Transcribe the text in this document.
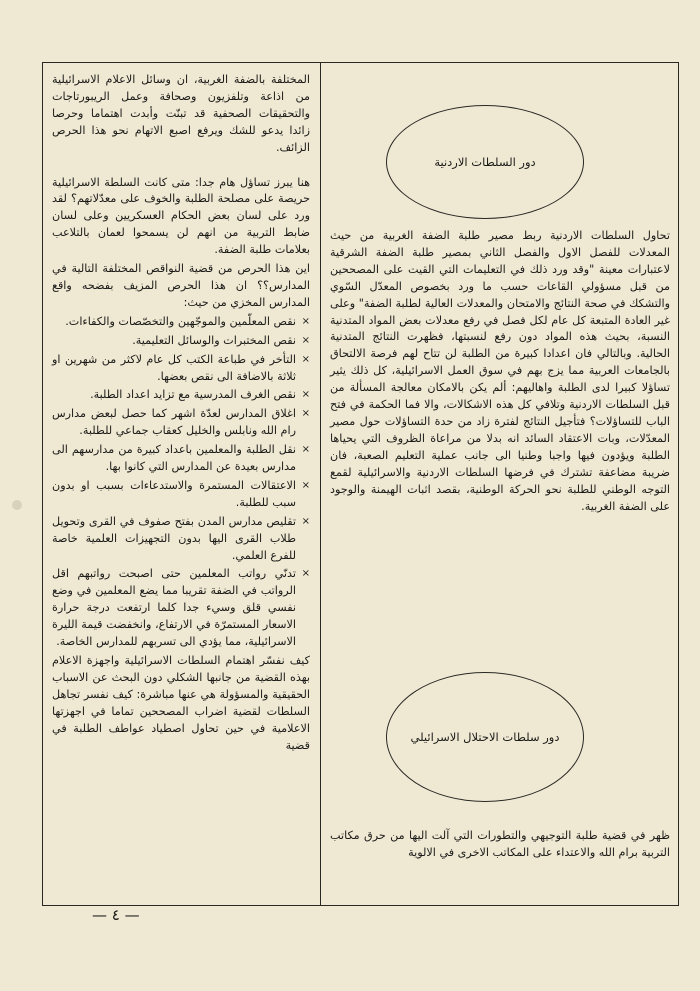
دور السلطات الاردنية
دور سلطات الاحتلال الاسرائيلي

تحاول السلطات الاردنية ربط مصير طلبة الضفة الغربية من حيث المعدلات للفصل الاول والفصل الثاني بمصير طلبة الضفة الشرقية لاعتبارات معينة "وقد ورد ذلك في التعليمات التي القيت على المصححين من قبل مسؤولي القاعات حسب ما ورد بخصوص المعدّل السّوي والتشكك في صحة النتائج والامتحان والمعدلات العالية لطلبة الضفة" وعلى غير العادة المتبعة كل عام لكل فصل في رفع معدلات بعض المواد المتدنية النسبة، بحيث هذه المواد دون رفع لنسبتها، فظهرت النتائج المتدنية الحالية. وبالتالي فان اعدادا كبيرة من الطلبة لن تتاح لهم فرصة الالتحاق بالجامعات العربية مما يزج بهم في سوق العمل الاسرائيلية، كل ذلك يثير تساؤلا كبيرا لدى الطلبة واهاليهم: ألم يكن بالامكان معالجة المسألة من قبل السلطات الاردنية وتلافي كل هذه الاشكالات، والا فما الحكمة في فتح الباب للتساؤلات؟ فتأجيل النتائج لفترة زاد من حدة التساؤلات حول مصير المعدّلات، وبات الاعتقاد السائد انه بدلا من مراعاة الظروف التي يحياها الطلبة ويؤدون فيها واجبا وطنيا الى جانب عملية التعليم الصعبة، فان ضريبة مضاعفة تشترك في فرضها السلطات الاردنية والاسرائيلية لقمع التوجه الوطني للطلبة نحو الحركة الوطنية، بقصد اثبات الهيمنة والوجود على الضفة الغربية.

ظهر في قضية طلبة التوجيهي والتطورات التي آلت اليها من حرق مكاتب التربية برام الله والاعتداء على المكاتب الاخرى في الالوية

المختلفة بالضفة الغربية، ان وسائل الاعلام الاسرائيلية من اذاعة وتلفزيون وصحافة وعمل الريبورتاجات والتحقيقات الصحفية قد تبنّت وأبدت اهتماما وحرصا زائدا يدعو للشك ويرفع اصبع الاتهام نحو هذا الحرص الزائف.

هنا يبرز تساؤل هام جدا: متى كانت السلطة الاسرائيلية حريصة على مصلحة الطلبة والخوف على معدّلاتهم؟ لقد ورد على لسان بعض الحكام العسكريين وعلى لسان ضابط التربية من انهم لن يسمحوا لعمان بالتلاعب بعلامات طلبة الضفة.

اين هذا الحرص من قضية النواقص المختلفة التالية في المدارس؟؟ ان هذا الحرص المزيف بفضحه واقع المدارس المخزي من حيث:

× نقص المعلّمين والموجّهين والتخصّصات والكفاءات.
× نقص المختبرات والوسائل التعليمية.
× التأخر في طباعة الكتب كل عام لاكثر من شهرين او ثلاثة بالاضافة الى نقص بعضها.
× نقص الغرف المدرسية مع تزايد اعداد الطلبة.
× اغلاق المدارس لعدّة اشهر كما حصل لبعض مدارس رام الله ونابلس والخليل كعقاب جماعي للطلبة.
× نقل الطلبة والمعلمين باعداد كبيرة من مدارسهم الى مدارس بعيدة عن المدارس التي كانوا بها.
× الاعتقالات المستمرة والاستدعاءات بسبب او بدون سبب للطلبة.
× تقليص مدارس المدن بفتح صفوف في القرى وتحويل طلاب القرى اليها بدون التجهيزات العلمية خاصة للفرع العلمي.
× تدنّي رواتب المعلمين حتى اصبحت رواتبهم اقل الرواتب في الضفة تقريبا مما يضع المعلمين في وضع نفسي قلق وسيء جدا كلما ارتفعت درجة حرارة الاسعار المستمرّة في الارتفاع، وانخفضت قيمة الليرة الاسرائيلية، مما يؤدي الى تسربهم للمدارس الخاصة.

كيف نفسّر اهتمام السلطات الاسرائيلية واجهزة الاعلام بهذه القضية من جانبها الشكلي دون البحث عن الاسباب الحقيقية والمسؤولة هي عنها مباشرة: كيف نفسر تجاهل السلطات لقضية اضراب المصححين تماما في اجهزتها الاعلامية في حين تحاول اصطياد عواطف الطلبة في قضية

— ٤ —
